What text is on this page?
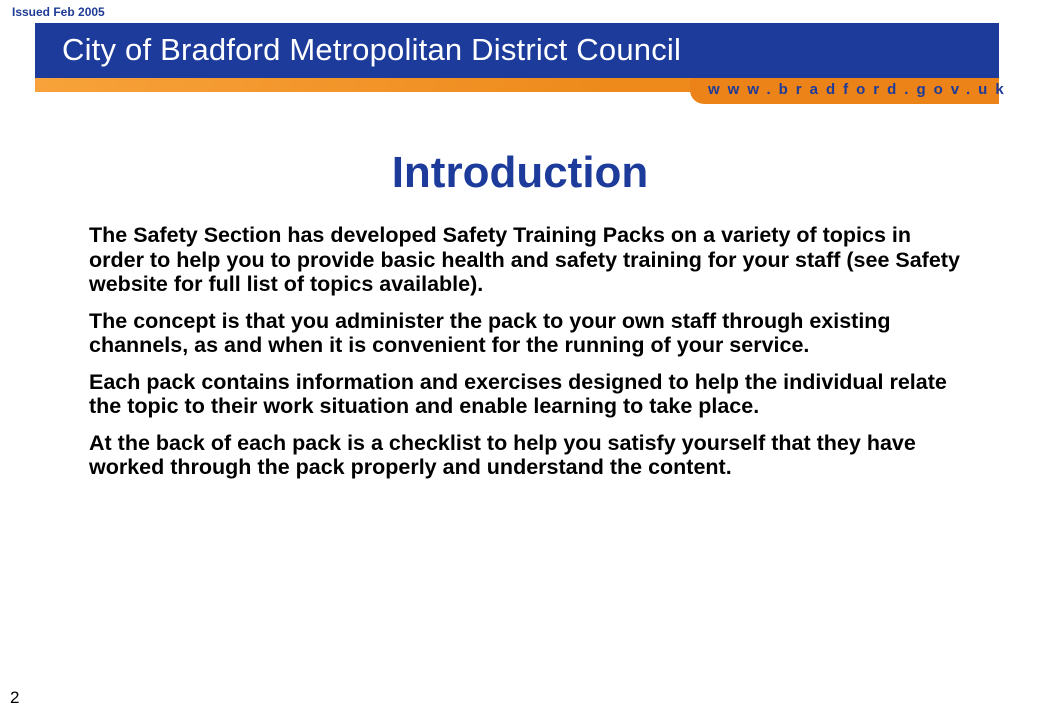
Issued Feb 2005
City of Bradford Metropolitan District Council
www.bradford.gov.uk
Introduction

The Safety Section has developed Safety Training Packs on a variety of topics in order to help you to provide basic health and safety training for your staff (see Safety website for full list of topics available).

The concept is that you administer the pack to your own staff through existing channels, as and when it is convenient for the running of your service.

Each pack contains information and exercises designed to help the individual relate the topic to their work situation and enable learning to take place.

At the back of each pack is a checklist to help you satisfy yourself that they have worked through the pack properly and understand the content.

2
